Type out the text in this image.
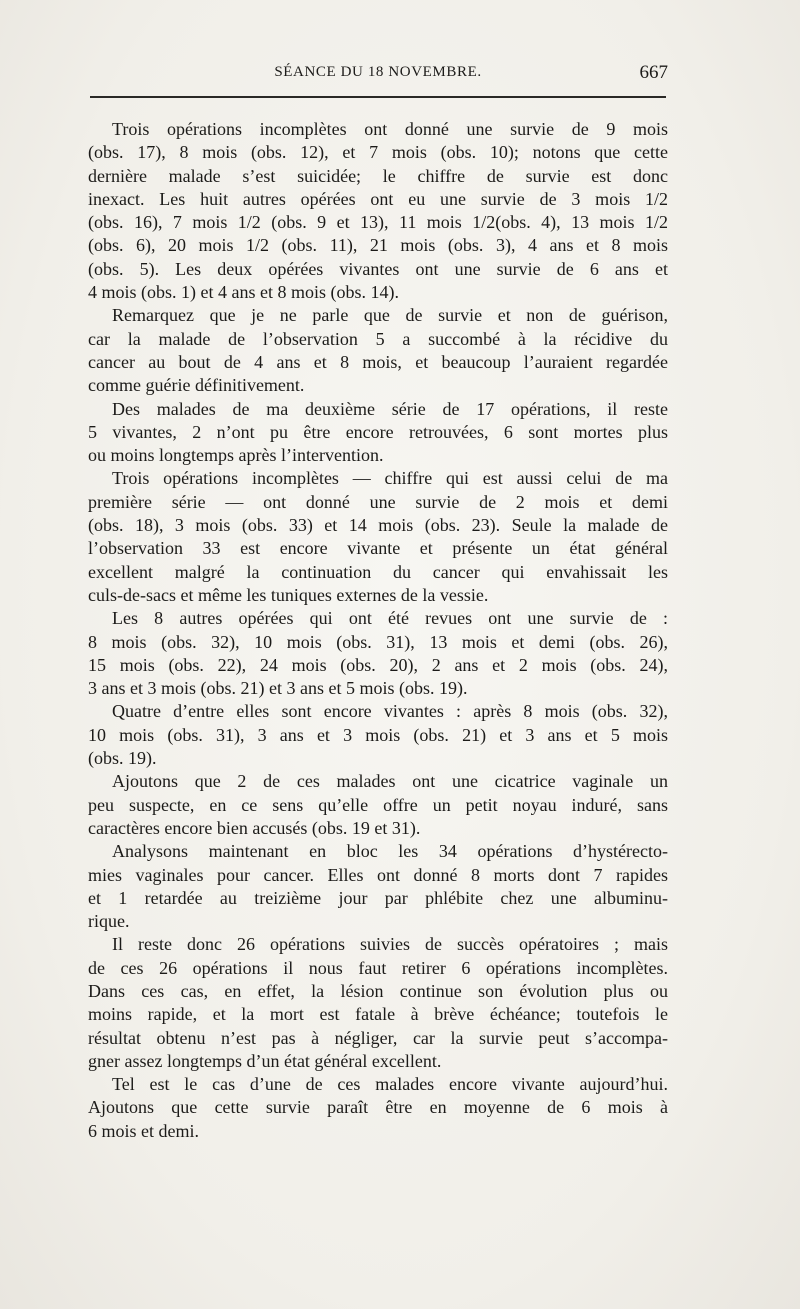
SÉANCE DU 18 NOVEMBRE.	667
Trois opérations incomplètes ont donné une survie de 9 mois
(obs. 17), 8 mois (obs. 12), et 7 mois (obs. 10); notons que cette
dernière malade s’est suicidée; le chiffre de survie est donc
inexact. Les huit autres opérées ont eu une survie de 3 mois 1/2
(obs. 16), 7 mois 1/2 (obs. 9 et 13), 11 mois 1/2(obs. 4), 13 mois 1/2
(obs. 6), 20 mois 1/2 (obs. 11), 21 mois (obs. 3), 4 ans et 8 mois
(obs. 5). Les deux opérées vivantes ont une survie de 6 ans et
4 mois (obs. 1) et 4 ans et 8 mois (obs. 14).
Remarquez que je ne parle que de survie et non de guérison,
car la malade de l’observation 5 a succombé à la récidive du
cancer au bout de 4 ans et 8 mois, et beaucoup l’auraient regardée
comme guérie définitivement.
Des malades de ma deuxième série de 17 opérations, il reste
5 vivantes, 2 n’ont pu être encore retrouvées, 6 sont mortes plus
ou moins longtemps après l’intervention.
Trois opérations incomplètes — chiffre qui est aussi celui de ma
première série — ont donné une survie de 2 mois et demi
(obs. 18), 3 mois (obs. 33) et 14 mois (obs. 23). Seule la malade de
l’observation 33 est encore vivante et présente un état général
excellent malgré la continuation du cancer qui envahissait les
culs-de-sacs et même les tuniques externes de la vessie.
Les 8 autres opérées qui ont été revues ont une survie de :
8 mois (obs. 32), 10 mois (obs. 31), 13 mois et demi (obs. 26),
15 mois (obs. 22), 24 mois (obs. 20), 2 ans et 2 mois (obs. 24),
3 ans et 3 mois (obs. 21) et 3 ans et 5 mois (obs. 19).
Quatre d’entre elles sont encore vivantes : après 8 mois (obs. 32),
10 mois (obs. 31), 3 ans et 3 mois (obs. 21) et 3 ans et 5 mois
(obs. 19).
Ajoutons que 2 de ces malades ont une cicatrice vaginale un
peu suspecte, en ce sens qu’elle offre un petit noyau induré, sans
caractères encore bien accusés (obs. 19 et 31).
Analysons maintenant en bloc les 34 opérations d’hystérecto-
mies vaginales pour cancer. Elles ont donné 8 morts dont 7 rapides
et 1 retardée au treizième jour par phlébite chez une albuminu-
rique.
Il reste donc 26 opérations suivies de succès opératoires ; mais
de ces 26 opérations il nous faut retirer 6 opérations incomplètes.
Dans ces cas, en effet, la lésion continue son évolution plus ou
moins rapide, et la mort est fatale à brève échéance; toutefois le
résultat obtenu n’est pas à négliger, car la survie peut s’accompa-
gner assez longtemps d’un état général excellent.
Tel est le cas d’une de ces malades encore vivante aujourd’hui.
Ajoutons que cette survie paraît être en moyenne de 6 mois à
6 mois et demi.
